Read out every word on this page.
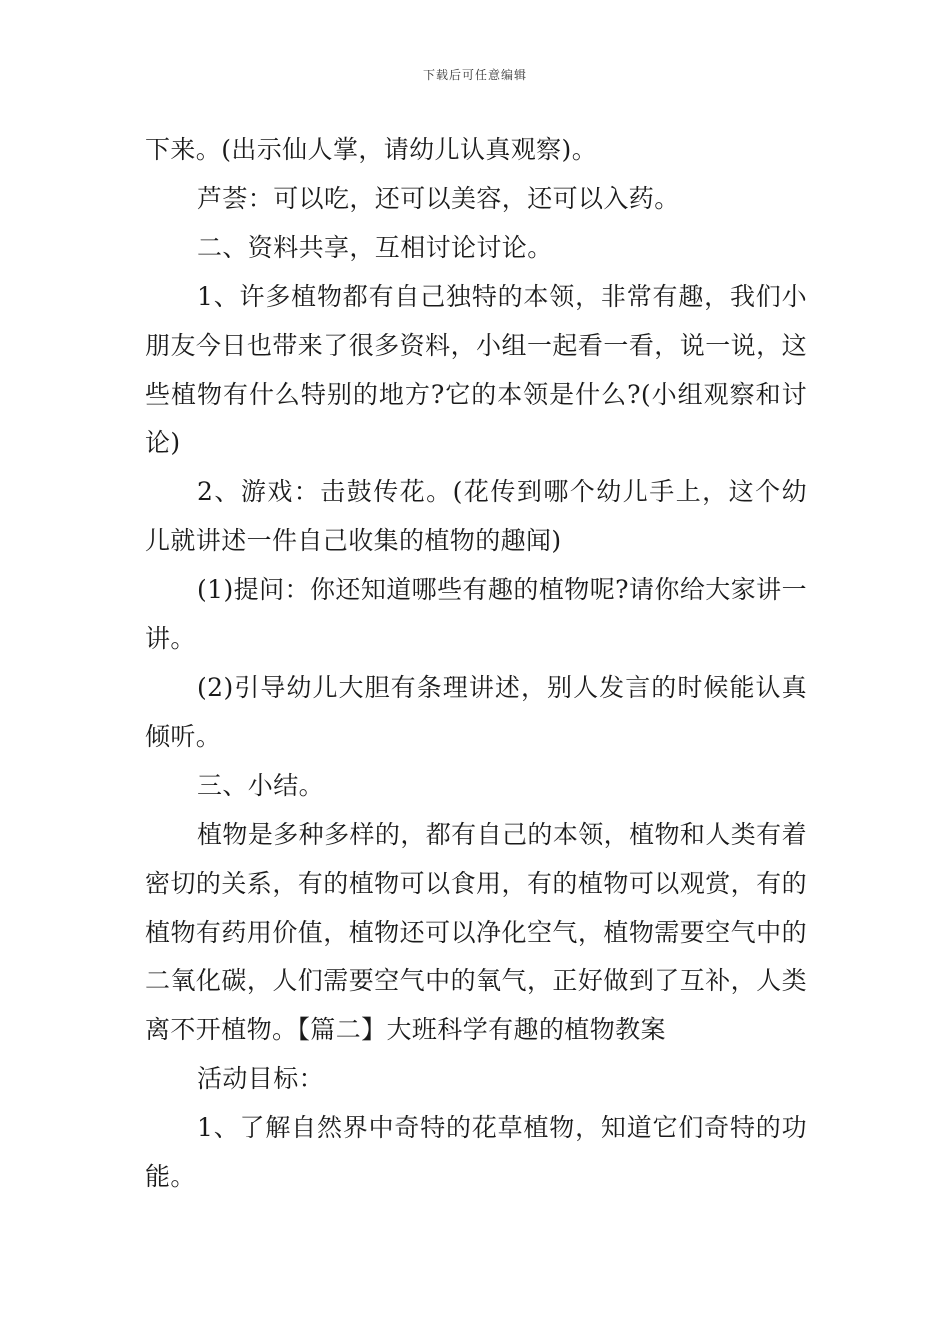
下载后可任意编辑

下来。(出示仙人掌，请幼儿认真观察)。

芦荟：可以吃，还可以美容，还可以入药。

二、资料共享，互相讨论讨论。

1、许多植物都有自己独特的本领，非常有趣，我们小朋友今日也带来了很多资料，小组一起看一看，说一说，这些植物有什么特别的地方?它的本领是什么?(小组观察和讨论)

2、游戏：击鼓传花。(花传到哪个幼儿手上，这个幼儿就讲述一件自己收集的植物的趣闻)

(1)提问：你还知道哪些有趣的植物呢?请你给大家讲一讲。

(2)引导幼儿大胆有条理讲述，别人发言的时候能认真倾听。

三、小结。

植物是多种多样的，都有自己的本领，植物和人类有着密切的关系，有的植物可以食用，有的植物可以观赏，有的植物有药用价值，植物还可以净化空气，植物需要空气中的二氧化碳，人们需要空气中的氧气，正好做到了互补，人类离不开植物。【篇二】大班科学有趣的植物教案

活动目标：

1、了解自然界中奇特的花草植物，知道它们奇特的功能。
